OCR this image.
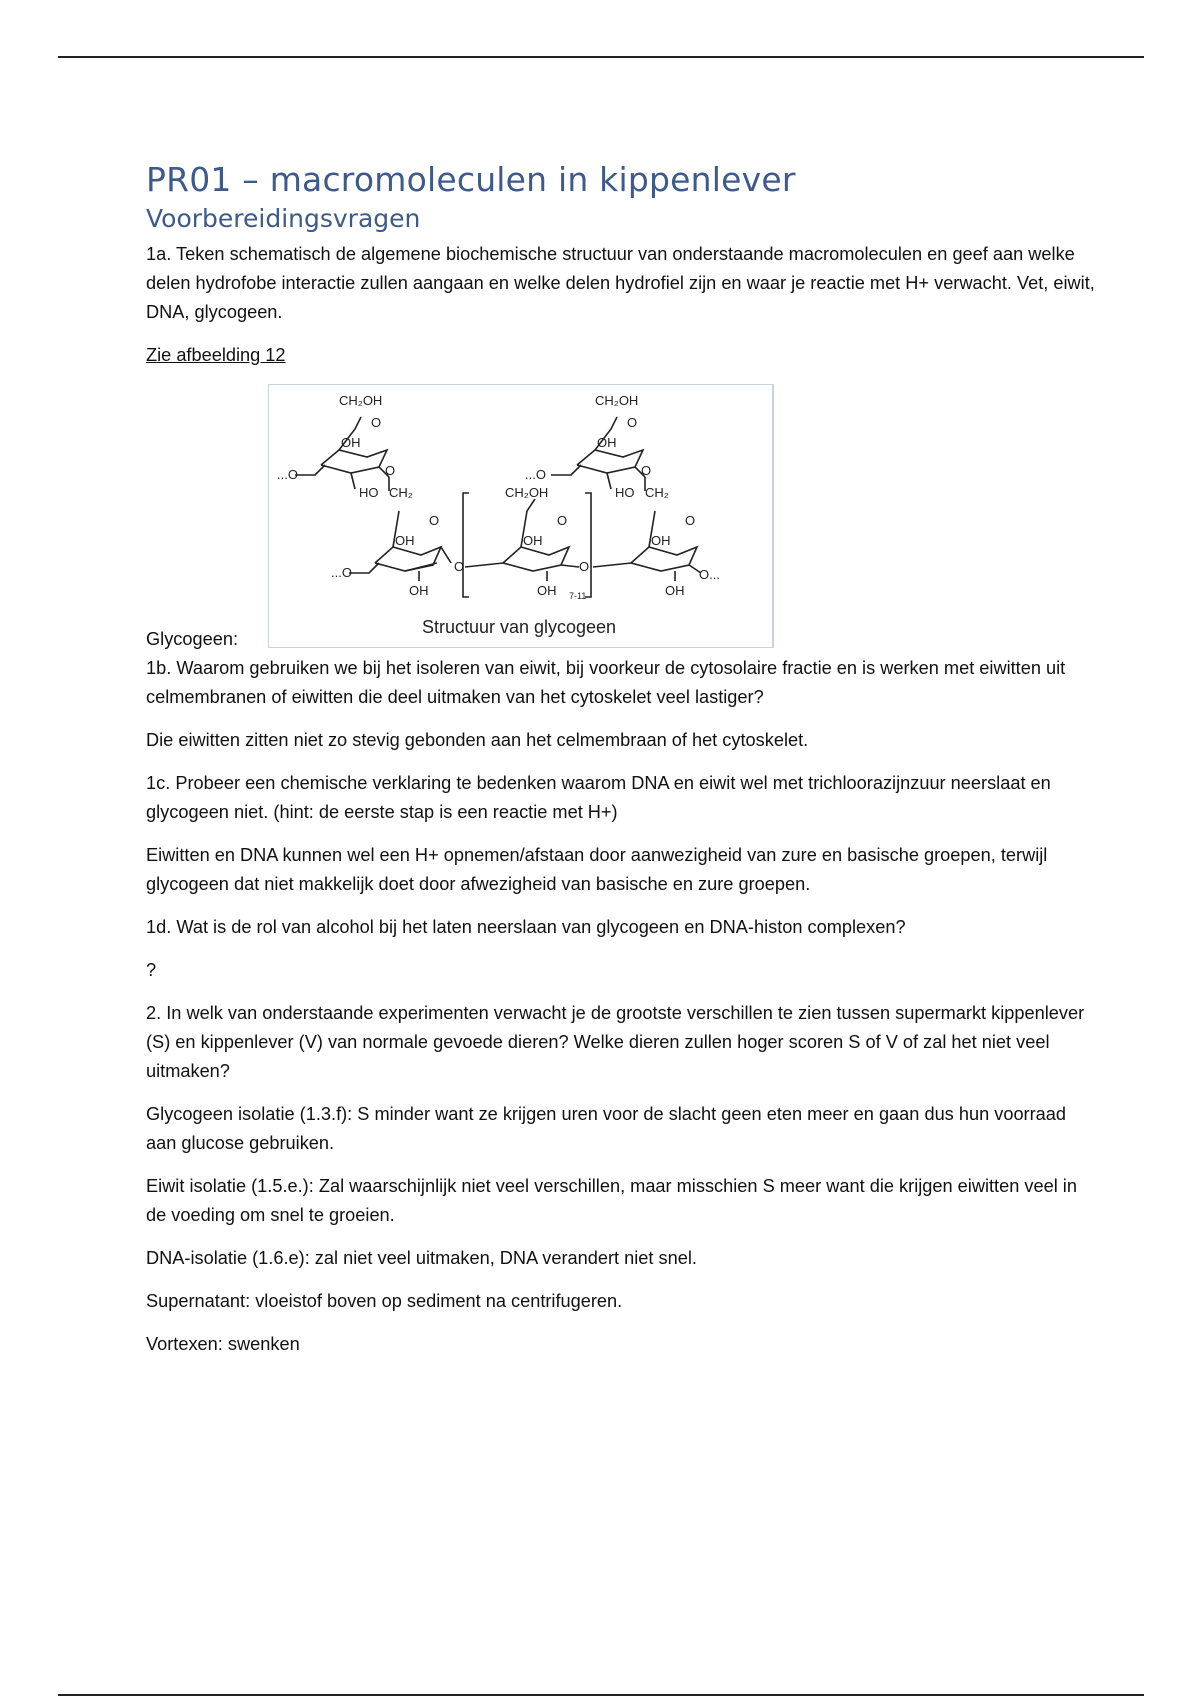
PR01 – macromoleculen in kippenlever
Voorbereidingsvragen

1a. Teken schematisch de algemene biochemische structuur van onderstaande macromoleculen en geef aan welke delen hydrofobe interactie zullen aangaan en welke delen hydrofiel zijn en waar je reactie met H+ verwacht. Vet, eiwit, DNA, glycogeen.

Zie afbeelding 12

Glycogeen:
CH₂OH
O
OH
...O	O
HO CH₂
CH₂OH
O
OH
...O	O
HO CH₂
O
OH
...O
OH
O
CH₂OH
O
OH
OH
O
7-11
O
OH
OH
O...
Structuur van glycogeen

1b. Waarom gebruiken we bij het isoleren van eiwit, bij voorkeur de cytosolaire fractie en is werken met eiwitten uit celmembranen of eiwitten die deel uitmaken van het cytoskelet veel lastiger?

Die eiwitten zitten niet zo stevig gebonden aan het celmembraan of het cytoskelet.

1c. Probeer een chemische verklaring te bedenken waarom DNA en eiwit wel met trichloorazijnzuur neerslaat en glycogeen niet. (hint: de eerste stap is een reactie met H+)

Eiwitten en DNA kunnen wel een H+ opnemen/afstaan door aanwezigheid van zure en basische groepen, terwijl glycogeen dat niet makkelijk doet door afwezigheid van basische en zure groepen.

1d. Wat is de rol van alcohol bij het laten neerslaan van glycogeen en DNA-histon complexen?

?

2. In welk van onderstaande experimenten verwacht je de grootste verschillen te zien tussen supermarkt kippenlever (S) en kippenlever (V) van normale gevoede dieren? Welke dieren zullen hoger scoren S of V of zal het niet veel uitmaken?

Glycogeen isolatie (1.3.f): S minder want ze krijgen uren voor de slacht geen eten meer en gaan dus hun voorraad aan glucose gebruiken.

Eiwit isolatie (1.5.e.): Zal waarschijnlijk niet veel verschillen, maar misschien S meer want die krijgen eiwitten veel in de voeding om snel te groeien.

DNA-isolatie (1.6.e): zal niet veel uitmaken, DNA verandert niet snel.

Supernatant: vloeistof boven op sediment na centrifugeren.

Vortexen: swenken
